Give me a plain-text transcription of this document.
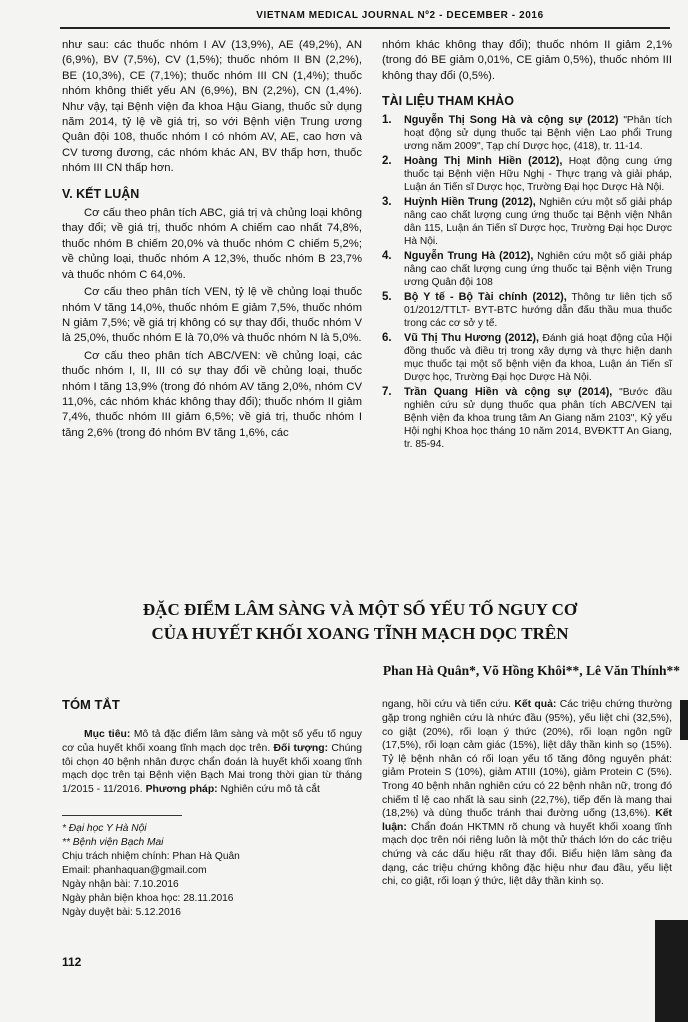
VIETNAM MEDICAL JOURNAL Nº2 - DECEMBER - 2016

như sau: các thuốc nhóm I AV (13,9%), AE (49,2%), AN (6,9%), BV (7,5%), CV (1,5%); thuốc nhóm II BN (2,2%), BE (10,3%), CE (7,1%); thuốc nhóm III CN (1,4%); thuốc nhóm không thiết yếu AN (6,9%), BN (2,2%), CN (1,4%). Như vậy, tại Bệnh viện đa khoa Hậu Giang, thuốc sử dụng năm 2014, tỷ lệ về giá trị, so với Bệnh viện Trung ương Quân đội 108, thuốc nhóm I có nhóm AV, AE, cao hơn và CV tương đương, các nhóm khác AN, BV thấp hơn, thuốc nhóm III CN thấp hơn.

V. KẾT LUẬN

Cơ cấu theo phân tích ABC, giá trị và chủng loại không thay đổi; về giá trị, thuốc nhóm A chiếm cao nhất 74,8%, thuốc nhóm B chiếm 20,0% và thuốc nhóm C chiếm 5,2%; về chủng loại, thuốc nhóm A 12,3%, thuốc nhóm B 23,7% và thuốc nhóm C 64,0%.

Cơ cấu theo phân tích VEN, tỷ lệ về chủng loại thuốc nhóm V tăng 14,0%, thuốc nhóm E giảm 7,5%, thuốc nhóm N giảm 7,5%; về giá trị không có sự thay đổi, thuốc nhóm V là 25,0%, thuốc nhóm E là 70,0% và thuốc nhóm N là 5,0%.

Cơ cấu theo phân tích ABC/VEN: về chủng loại, các thuốc nhóm I, II, III có sự thay đổi về chủng loại, thuốc nhóm I tăng 13,9% (trong đó nhóm AV tăng 2,0%, nhóm CV 11,0%, các nhóm khác không thay đổi); thuốc nhóm II giảm 7,4%, thuốc nhóm III giảm 6,5%; về giá trị, thuốc nhóm I tăng 2,6% (trong đó nhóm BV tăng 1,6%, các

nhóm khác không thay đổi); thuốc nhóm II giảm 2,1% (trong đó BE giảm 0,01%, CE giảm 0,5%), thuốc nhóm III không thay đổi (0,5%).

TÀI LIỆU THAM KHẢO
1. Nguyễn Thị Song Hà và cộng sự (2012) "Phân tích hoạt động sử dụng thuốc tại Bệnh viện Lao phổi Trung ương năm 2009", Tạp chí Dược học, (418), tr. 11-14.
2. Hoàng Thị Minh Hiền (2012), Hoạt động cung ứng thuốc tại Bệnh viện Hữu Nghị - Thực trạng và giải pháp, Luận án Tiến sĩ Dược học, Trường Đại học Dược Hà Nội.
3. Huỳnh Hiền Trung (2012), Nghiên cứu một số giải pháp nâng cao chất lượng cung ứng thuốc tại Bệnh viện Nhân dân 115, Luận án Tiến sĩ Dược học, Trường Đại học Dược Hà Nội.
4. Nguyễn Trung Hà (2012), Nghiên cứu một số giải pháp nâng cao chất lượng cung ứng thuốc tại Bệnh viện Trung ương Quân đội 108
5. Bộ Y tế - Bộ Tài chính (2012), Thông tư liên tịch số 01/2012/TTLT- BYT-BTC hướng dẫn đấu thầu mua thuốc trong các cơ sở y tế.
6. Vũ Thị Thu Hương (2012), Đánh giá hoạt động của Hội đồng thuốc và điều trị trong xây dựng và thực hiện danh mục thuốc tại một số bệnh viện đa khoa, Luận án Tiến sĩ Dược học, Trường Đại học Dược Hà Nội.
7. Trần Quang Hiền và cộng sự (2014), "Bước đầu nghiên cứu sử dụng thuốc qua phân tích ABC/VEN tại Bệnh viện đa khoa trung tâm An Giang năm 2103", Kỷ yếu Hội nghị Khoa học tháng 10 năm 2014, BVĐKTT An Giang, tr. 85-94.
ĐẶC ĐIỂM LÂM SÀNG VÀ MỘT SỐ YẾU TỐ NGUY CƠ
CỦA HUYẾT KHỐI XOANG TĨNH MẠCH DỌC TRÊN
Phan Hà Quân*, Võ Hồng Khôi**, Lê Văn Thính**
TÓM TẮT

Mục tiêu: Mô tả đặc điểm lâm sàng và một số yếu tố nguy cơ của huyết khối xoang tĩnh mạch dọc trên. Đối tượng: Chúng tôi chọn 40 bệnh nhân được chẩn đoán là huyết khối xoang tĩnh mạch dọc trên tại Bệnh viện Bạch Mai trong thời gian từ tháng 1/2015 - 11/2016. Phương pháp: Nghiên cứu mô tả cắt

ngang, hồi cứu và tiến cứu. Kết quả: Các triệu chứng thường gặp trong nghiên cứu là nhức đầu (95%), yếu liệt chi (32,5%), co giật (20%), rối loạn ý thức (20%), rối loạn ngôn ngữ (17,5%), rối loạn cảm giác (15%), liệt dây thần kinh sọ (15%). Tỷ lệ bệnh nhân có rối loạn yếu tố tăng đông nguyên phát: giảm Protein S (10%), giảm ATIII (10%), giảm Protein C (5%). Trong 40 bệnh nhân nghiên cứu có 22 bệnh nhân nữ, trong đó chiếm tỉ lệ cao nhất là sau sinh (22,7%), tiếp đến là mang thai (18,2%) và dùng thuốc tránh thai đường uống (13,6%). Kết luận: Chẩn đoán HKTMN rõ chung và huyết khối xoang tĩnh mạch dọc trên nói riêng luôn là một thử thách lớn do các triệu chứng và các dấu hiệu rất thay đổi. Biểu hiện lâm sàng đa dạng, các triệu chứng không đặc hiệu như đau đầu, yếu liệt chi, co giật, rối loạn ý thức, liệt dây thần kinh sọ.

* Đại học Y Hà Nội
** Bệnh viện Bạch Mai
Chịu trách nhiệm chính: Phan Hà Quân
Email: phanhaquan@gmail.com
Ngày nhận bài: 7.10.2016
Ngày phản biện khoa học: 28.11.2016
Ngày duyệt bài: 5.12.2016
112
